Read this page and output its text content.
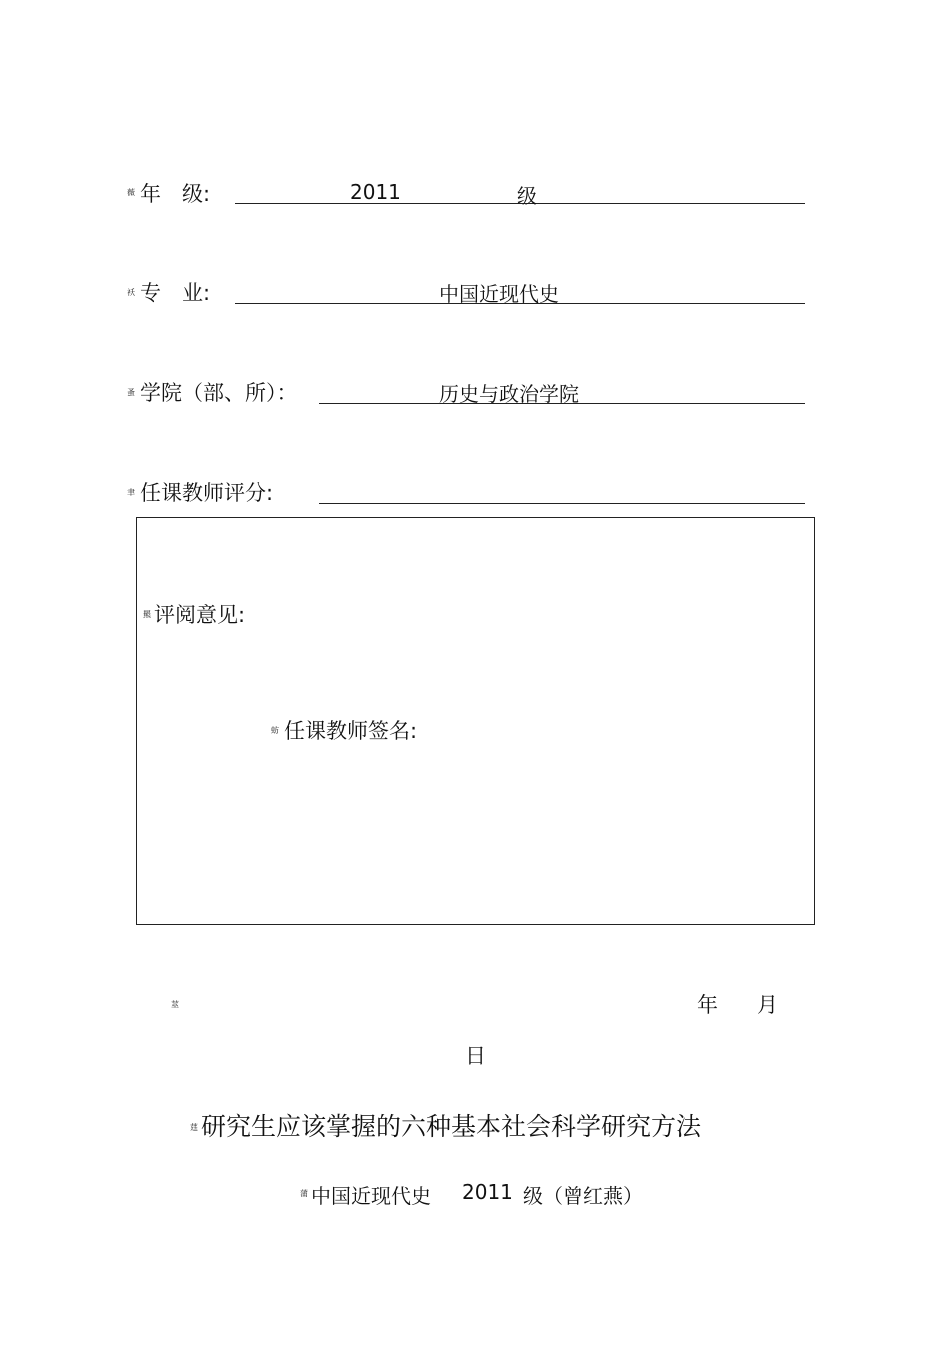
薇 年　级:	2011	级
袄 专　业:	中国近现代史
蚤 学院（部、所）：	历史与政治学院
聿 任课教师评分:
羆 评阅意见:
蚄 任课教师签名:
莁	年 月
日
莛 研究生应该掌握的六种基本社会科学研究方法
蒲 中国近现代史 2011 级（曾红燕）
